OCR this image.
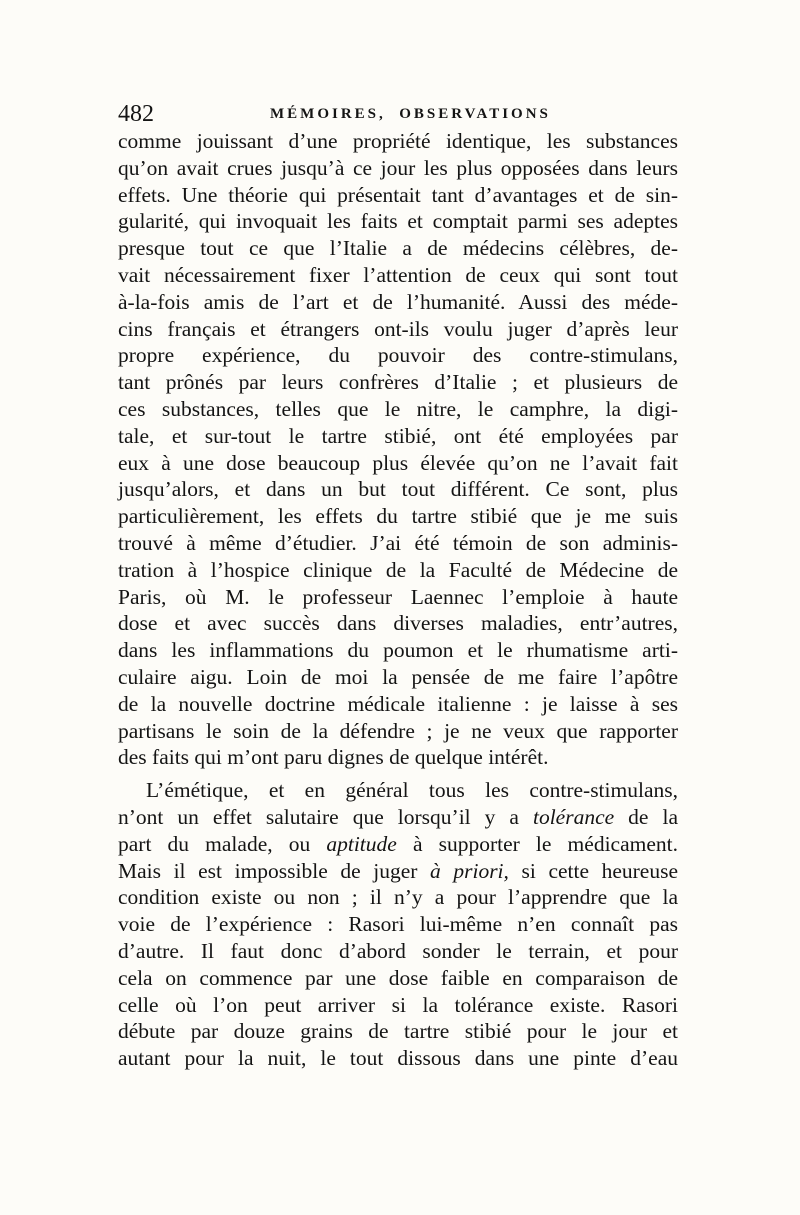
482	MÉMOIRES,  OBSERVATIONS
comme jouissant d’une propriété identique, les substances
qu’on avait crues jusqu’à ce jour les plus opposées dans leurs
effets. Une théorie qui présentait tant d’avantages et de sin-
gularité, qui invoquait les faits et comptait parmi ses adeptes
presque tout ce que l’Italie a de médecins célèbres, de-
vait nécessairement fixer l’attention de ceux qui sont tout
à-la-fois amis de l’art et de l’humanité. Aussi des méde-
cins français et étrangers ont-ils voulu juger d’après leur
propre expérience, du pouvoir des contre-stimulans,
tant prônés par leurs confrères d’Italie ; et plusieurs de
ces substances, telles que le nitre, le camphre, la digi-
tale, et sur-tout le tartre stibié, ont été employées par
eux à une dose beaucoup plus élevée qu’on ne l’avait fait
jusqu’alors, et dans un but tout différent. Ce sont, plus
particulièrement, les effets du tartre stibié que je me suis
trouvé à même d’étudier. J’ai été témoin de son adminis-
tration à l’hospice clinique de la Faculté de Médecine de
Paris, où M. le professeur Laennec l’emploie à haute
dose et avec succès dans diverses maladies, entr’autres,
dans les inflammations du poumon et le rhumatisme arti-
culaire aigu. Loin de moi la pensée de me faire l’apôtre
de la nouvelle doctrine médicale italienne : je laisse à ses
partisans le soin de la défendre ; je ne veux que rapporter
des faits qui m’ont paru dignes de quelque intérêt.
L’émétique, et en général tous les contre-stimulans,
n’ont un effet salutaire que lorsqu’il y a tolérance de la
part du malade, ou aptitude à supporter le médicament.
Mais il est impossible de juger à priori, si cette heureuse
condition existe ou non ; il n’y a pour l’apprendre que la
voie de l’expérience : Rasori lui-même n’en connaît pas
d’autre. Il faut donc d’abord sonder le terrain, et pour
cela on commence par une dose faible en comparaison de
celle où l’on peut arriver si la tolérance existe. Rasori
débute par douze grains de tartre stibié pour le jour et
autant pour la nuit, le tout dissous dans une pinte d’eau
